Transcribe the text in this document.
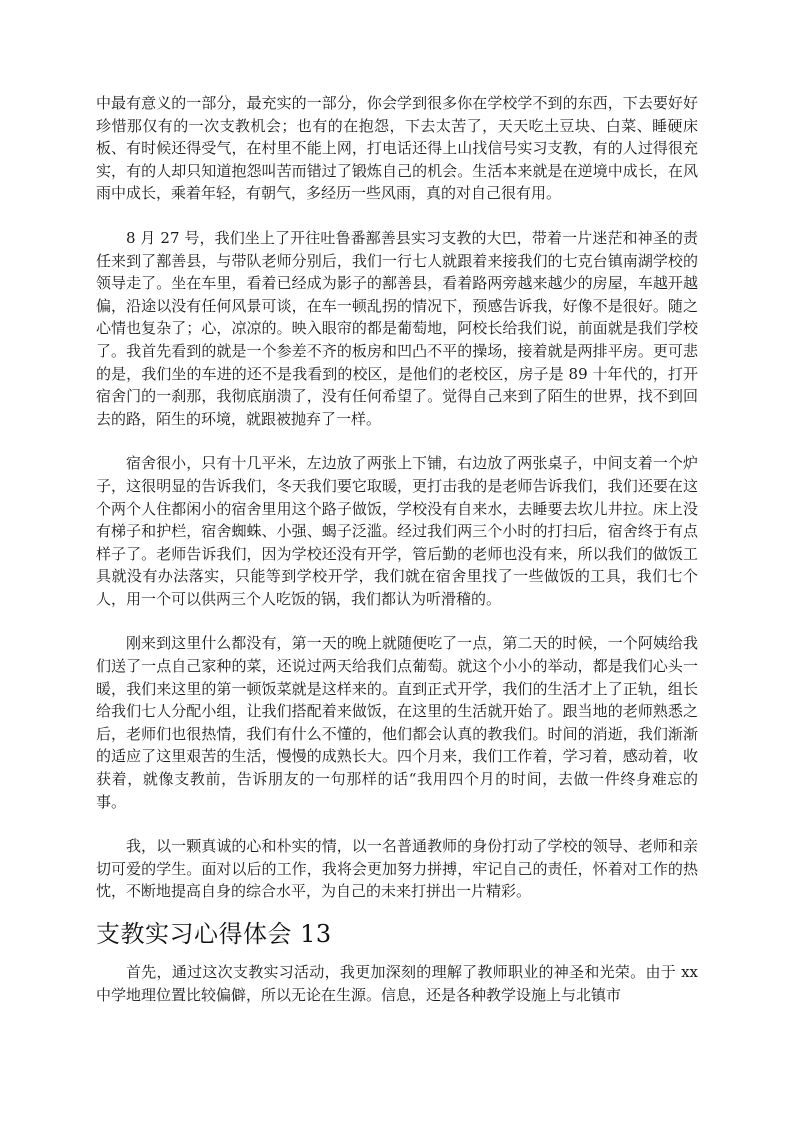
中最有意义的一部分，最充实的一部分，你会学到很多你在学校学不到的东西，下去要好好珍惜那仅有的一次支教机会；也有的在抱怨，下去太苦了，天天吃土豆块、白菜、睡硬床板、有时候还得受气，在村里不能上网，打电话还得上山找信号实习支教，有的人过得很充实，有的人却只知道抱怨叫苦而错过了锻炼自己的机会。生活本来就是在逆境中成长，在风雨中成长，乘着年轻，有朝气，多经历一些风雨，真的对自己很有用。

8 月 27 号，我们坐上了开往吐鲁番鄯善县实习支教的大巴，带着一片迷茫和神圣的责任来到了鄯善县，与带队老师分别后，我们一行七人就跟着来接我们的七克台镇南湖学校的领导走了。坐在车里，看着已经成为影子的鄯善县，看着路两旁越来越少的房屋，车越开越偏，沿途以没有任何风景可谈，在车一顿乱拐的情况下，预感告诉我，好像不是很好。随之心情也复杂了；心，凉凉的。映入眼帘的都是葡萄地，阿校长给我们说，前面就是我们学校了。我首先看到的就是一个参差不齐的板房和凹凸不平的操场，接着就是两排平房。更可悲的是，我们坐的车进的还不是我看到的校区，是他们的老校区，房子是 89 十年代的，打开宿舍门的一刹那，我彻底崩溃了，没有任何希望了。觉得自己来到了陌生的世界，找不到回去的路，陌生的环境，就跟被抛弃了一样。

宿舍很小，只有十几平米，左边放了两张上下铺，右边放了两张桌子，中间支着一个炉子，这很明显的告诉我们，冬天我们要它取暖，更打击我的是老师告诉我们，我们还要在这个两个人住都闲小的宿舍里用这个路子做饭，学校没有自来水，去睡要去坎儿井拉。床上没有梯子和护栏，宿舍蜘蛛、小强、蝎子泛滥。经过我们两三个小时的打扫后，宿舍终于有点样子了。老师告诉我们，因为学校还没有开学，管后勤的老师也没有来，所以我们的做饭工具就没有办法落实，只能等到学校开学，我们就在宿舍里找了一些做饭的工具，我们七个人，用一个可以供两三个人吃饭的锅，我们都认为听滑稽的。

刚来到这里什么都没有，第一天的晚上就随便吃了一点，第二天的时候，一个阿姨给我们送了一点自己家种的菜，还说过两天给我们点葡萄。就这个小小的举动，都是我们心头一暖，我们来这里的第一顿饭菜就是这样来的。直到正式开学，我们的生活才上了正轨，组长给我们七人分配小组，让我们搭配着来做饭，在这里的生活就开始了。跟当地的老师熟悉之后，老师们也很热情，我们有什么不懂的，他们都会认真的教我们。时间的消逝，我们渐渐的适应了这里艰苦的生活，慢慢的成熟长大。四个月来，我们工作着，学习着，感动着，收获着，就像支教前，告诉朋友的一句那样的话“我用四个月的时间，去做一件终身难忘的事。

我，以一颗真诚的心和朴实的情，以一名普通教师的身份打动了学校的领导、老师和亲切可爱的学生。面对以后的工作，我将会更加努力拼搏，牢记自己的责任，怀着对工作的热忱，不断地提高自身的综合水平，为自己的未来打拼出一片精彩。

支教实习心得体会 13

首先，通过这次支教实习活动，我更加深刻的理解了教师职业的神圣和光荣。由于 xx 中学地理位置比较偏僻，所以无论在生源。信息，还是各种教学设施上与北镇市
